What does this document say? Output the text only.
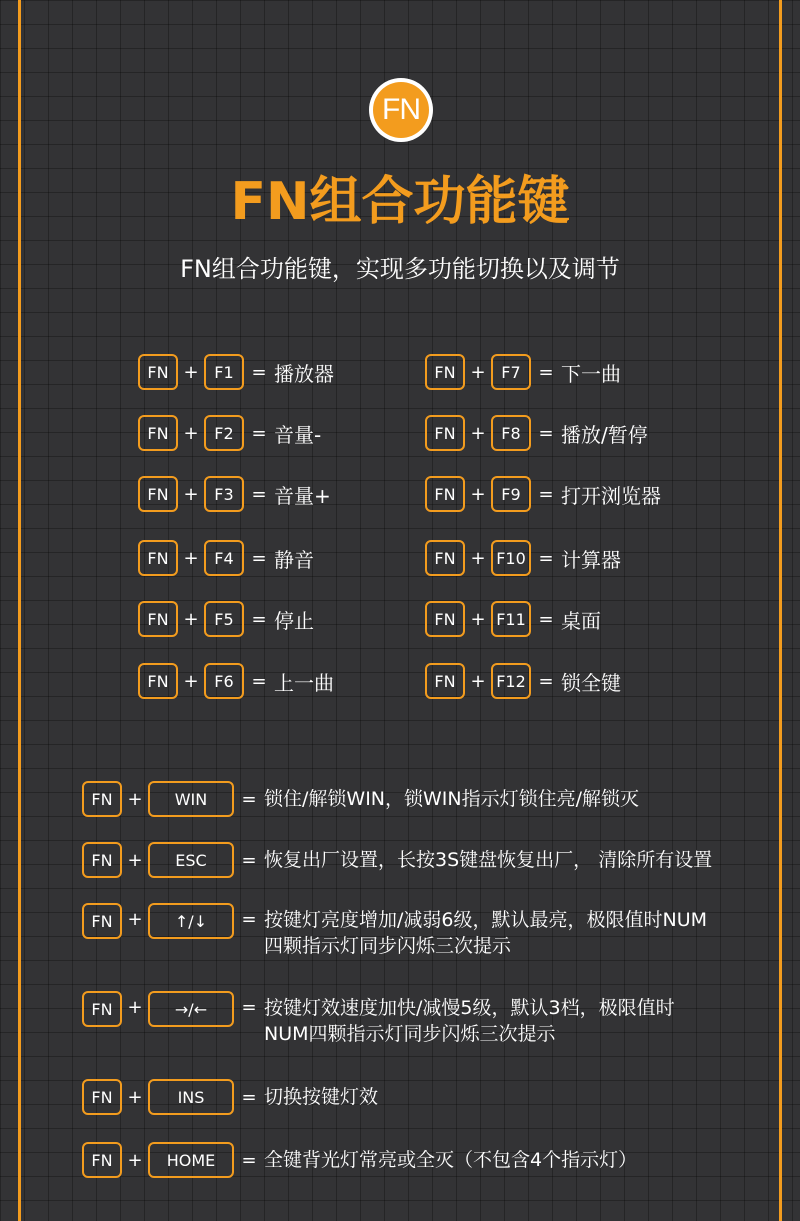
FN
FN组合功能键
FN组合功能键，实现多功能切换以及调节
FN + F1 = 播放器
FN + F2 = 音量-
FN + F3 = 音量+
FN + F4 = 静音
FN + F5 = 停止
FN + F6 = 上一曲
FN + F7 = 下一曲
FN + F8 = 播放/暂停
FN + F9 = 打开浏览器
FN + F10 = 计算器
FN + F11 = 桌面
FN + F12 = 锁全键
FN +	WIN	= 锁住/解锁WIN，锁WIN指示灯锁住亮/解锁灭
FN +	ESC	= 恢复出厂设置，长按3S键盘恢复出厂， 清除所有设置
FN +	↑/↓	= 按键灯亮度增加/减弱6级，默认最亮，极限值时NUM
四颗指示灯同步闪烁三次提示
FN +	→/←	= 按键灯效速度加快/减慢5级，默认3档，极限值时
NUM四颗指示灯同步闪烁三次提示
FN +	INS	= 切换按键灯效
FN +	HOME	= 全键背光灯常亮或全灭（不包含4个指示灯）
